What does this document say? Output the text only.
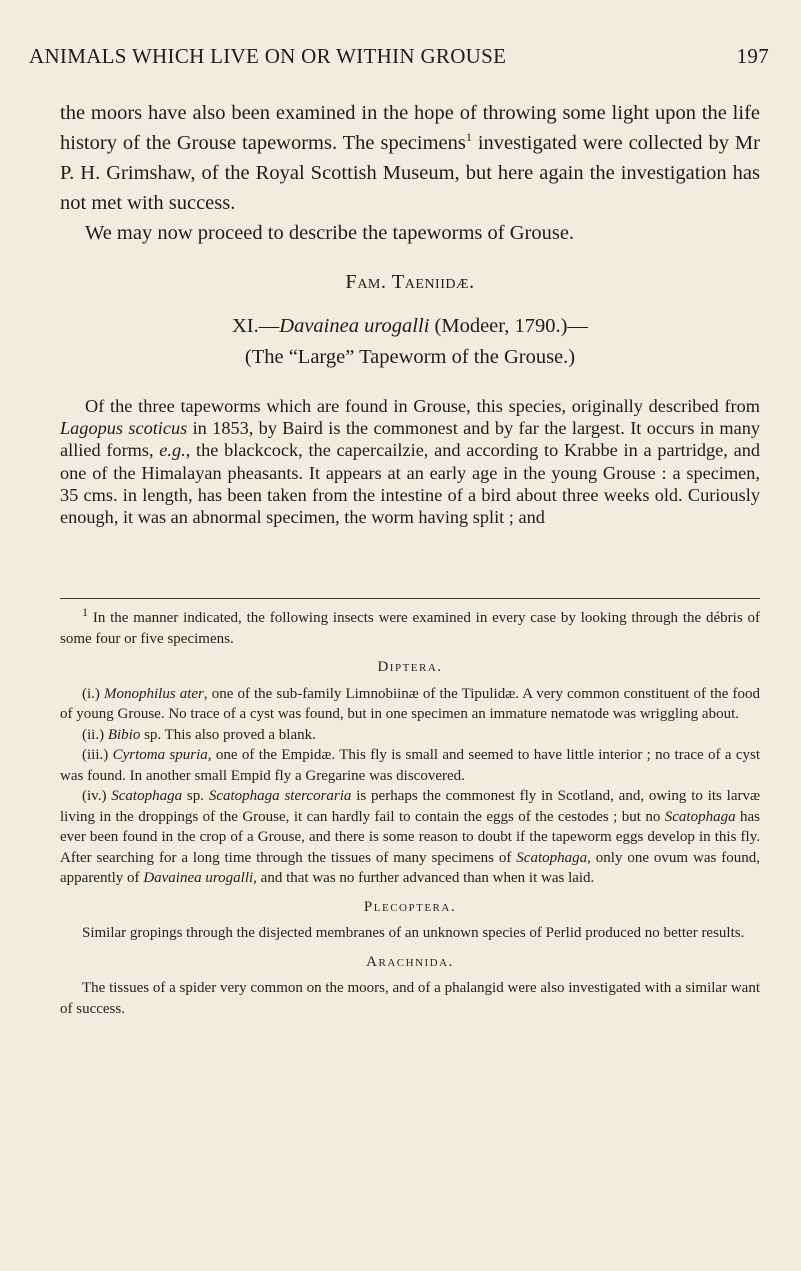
ANIMALS WHICH LIVE ON OR WITHIN GROUSE	197

the moors have also been examined in the hope of throwing some light upon the life history of the Grouse tapeworms. The specimens$^1$ investigated were collected by Mr P. H. Grimshaw, of the Royal Scottish Museum, but here again the investigation has not met with success.

We may now proceed to describe the tapeworms of Grouse.

Fam. Taeniidæ.

XI.—Davainea urogalli (Modeer, 1790.)—

(The “Large” Tapeworm of the Grouse.)

Of the three tapeworms which are found in Grouse, this species, originally described from Lagopus scoticus in 1853, by Baird is the commonest and by far the largest. It occurs in many allied forms, e.g., the blackcock, the capercailzie, and according to Krabbe in a partridge, and one of the Himalayan pheasants. It appears at an early age in the young Grouse : a specimen, 35 cms. in length, has been taken from the intestine of a bird about three weeks old. Curiously enough, it was an abnormal specimen, the worm having split ; and

$^1$ In the manner indicated, the following insects were examined in every case by looking through the débris of some four or five specimens.

Diptera.

(i.) Monophilus ater, one of the sub-family Limnobiinæ of the Tipulidæ. A very common constituent of the food of young Grouse. No trace of a cyst was found, but in one specimen an immature nematode was wriggling about.

(ii.) Bibio sp. This also proved a blank.

(iii.) Cyrtoma spuria, one of the Empidæ. This fly is small and seemed to have little interior ; no trace of a cyst was found. In another small Empid fly a Gregarine was discovered.

(iv.) Scatophaga sp. Scatophaga stercoraria is perhaps the commonest fly in Scotland, and, owing to its larvæ living in the droppings of the Grouse, it can hardly fail to contain the eggs of the cestodes ; but no Scatophaga has ever been found in the crop of a Grouse, and there is some reason to doubt if the tapeworm eggs develop in this fly. After searching for a long time through the tissues of many specimens of Scatophaga, only one ovum was found, apparently of Davainea urogalli, and that was no further advanced than when it was laid.

Plecoptera.

Similar gropings through the disjected membranes of an unknown species of Perlid produced no better results.

Arachnida.

The tissues of a spider very common on the moors, and of a phalangid were also investigated with a similar want of success.
